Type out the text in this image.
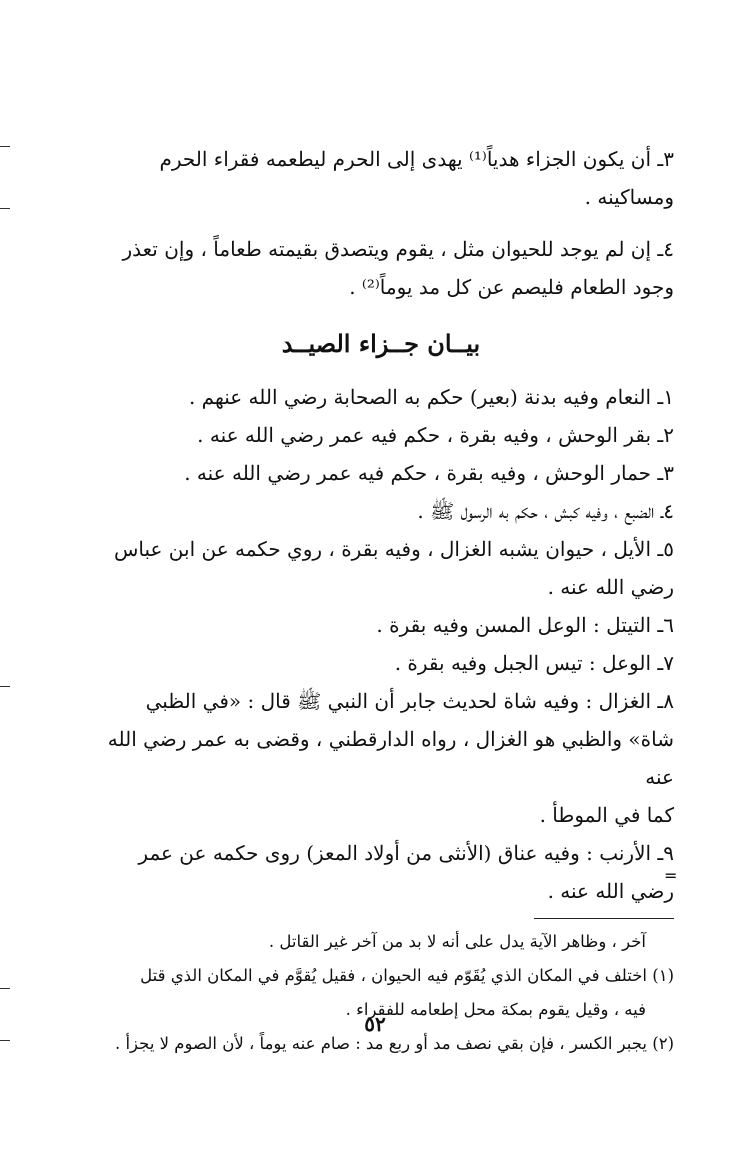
٣ـ أن يكون الجزاء هدياً⁽¹⁾ يهدى إلى الحرم ليطعمه فقراء الحرم
ومساكينه .

٤ـ إن لم يوجد للحيوان مثل ، يقوم ويتصدق بقيمته طعاماً ، وإن تعذر
وجود الطعام فليصم عن كل مد يوماً⁽²⁾ .

بيــان جــزاء الصيــد
١ـ النعام وفيه بدنة (بعير) حكم به الصحابة رضي الله عنهم .
٢ـ بقر الوحش ، وفيه بقرة ، حكم فيه عمر رضي الله عنه .
٣ـ حمار الوحش ، وفيه بقرة ، حكم فيه عمر رضي الله عنه .
٤ـ الضبع ، وفيه كبش ، حكم به الرسول ﷺ .
٥ـ الأيل ، حيوان يشبه الغزال ، وفيه بقرة ، روي حكمه عن ابن عباس
رضي الله عنه .
٦ـ التيتل : الوعل المسن وفيه بقرة .
٧ـ الوعل : تيس الجبل وفيه بقرة .
٨ـ الغزال : وفيه شاة لحديث جابر أن النبي ﷺ قال : «في الظبي
شاة» والظبي هو الغزال ، رواه الدارقطني ، وقضى به عمر رضي الله عنه
كما في الموطأ .
٩ـ الأرنب : وفيه عناق (الأنثى من أولاد المعز) روى حكمه عن عمر
رضي الله عنه .

آخر ، وظاهر الآية يدل على أنه لا بد من آخر غير القاتل .

(١) اختلف في المكان الذي يُقَوّم فيه الحيوان ، فقيل يُقوَّم في المكان الذي قتل
فيه ، وقيل يقوم بمكة محل إطعامه للفقراء .

(٢) يجبر الكسر ، فإن بقي نصف مد أو ربع مد : صام عنه يوماً ، لأن الصوم لا يجزأ .

=
٥٢
